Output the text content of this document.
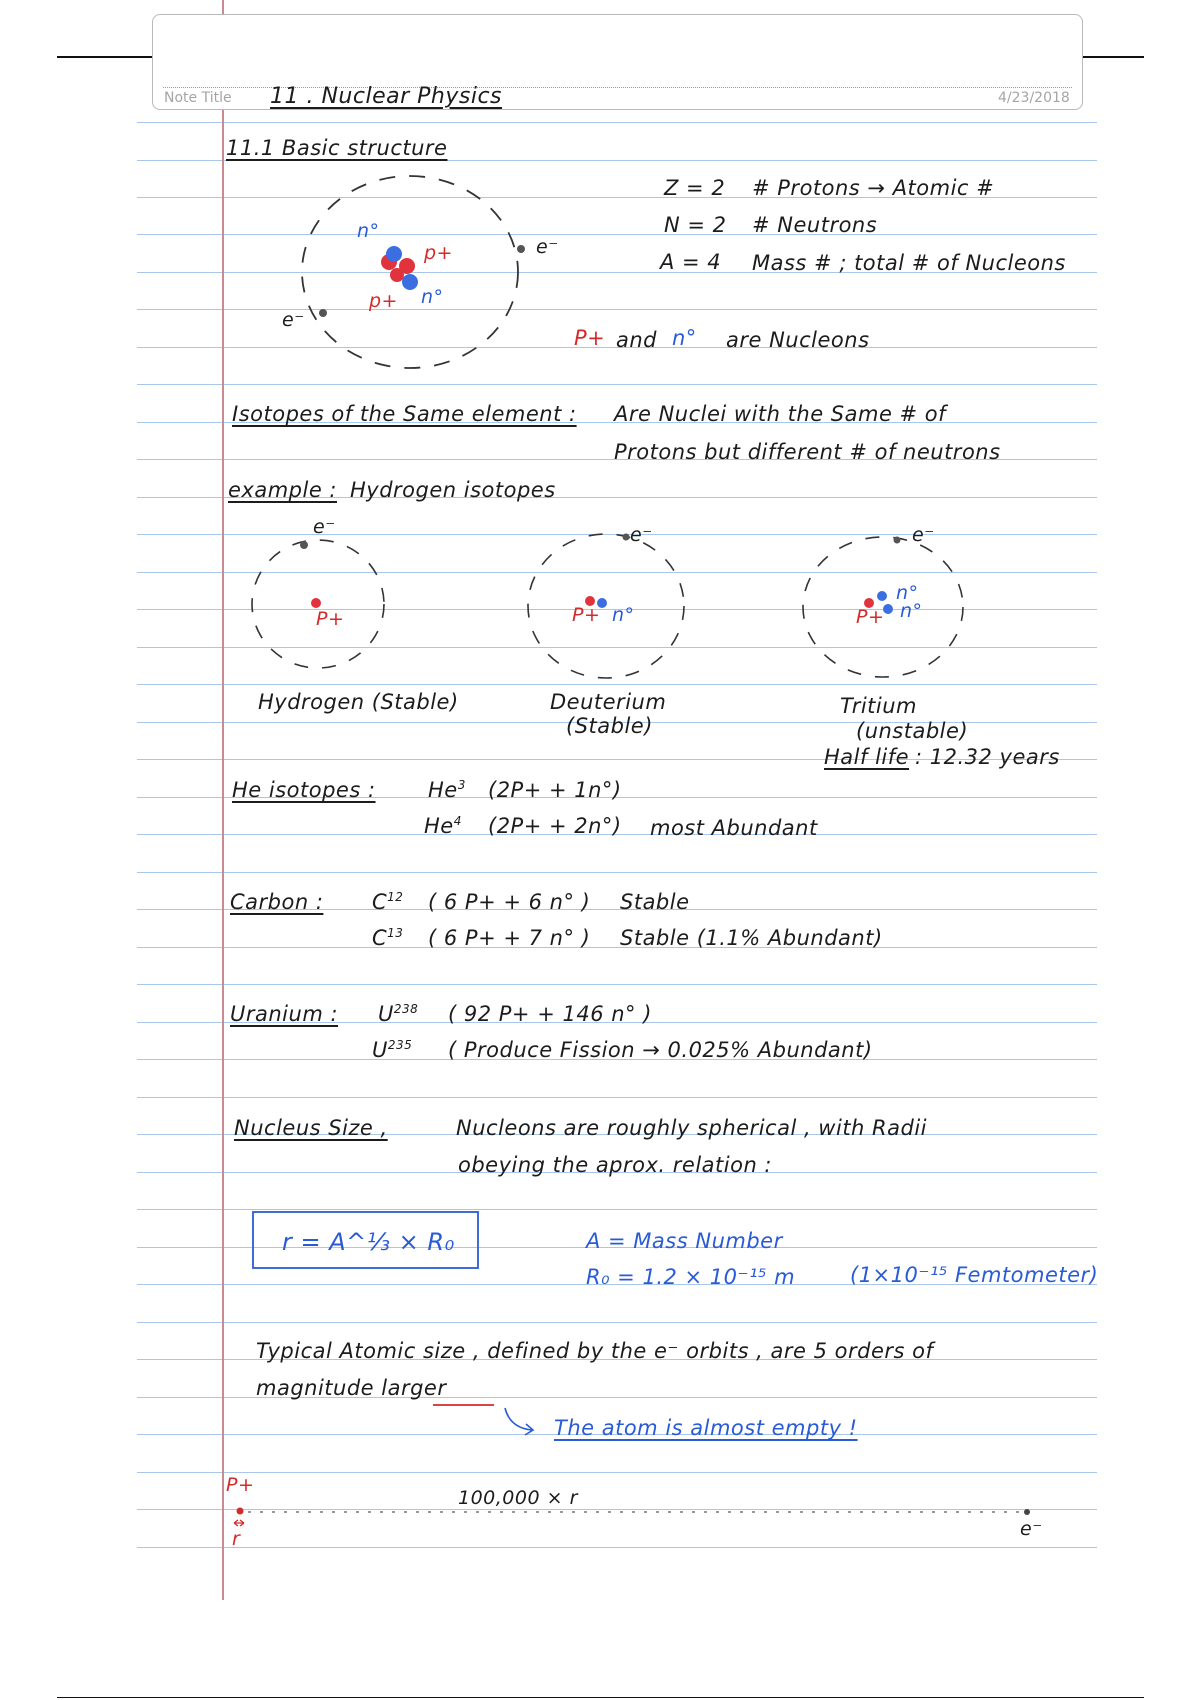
Note Title 11 . Nuclear Physics	4/23/2018
11.1 Basic structure
n°
p+
p+ n°
e⁻
e⁻
Z = 2 # Protons → Atomic #
N = 2 # Neutrons
A = 4 Mass # ; total # of Nucleons
P+ and n° are Nucleons
Isotopes of the Same element : Are Nuclei with the Same # of
Protons but different # of neutrons
example : Hydrogen isotopes
e⁻
P+
Hydrogen (Stable)
e⁻
P+ n°
Deuterium
(Stable)
e⁻
P+
n°
n°
Tritium
(unstable)
Half life : 12.32 years
He isotopes : He$^3$ (2P+ + 1n°)
He$^4$ (2P+ + 2n°) most Abundant
Carbon : $C^{12}$ ( 6 P+ + 6 n° ) Stable
$C^{13}$ ( 6 P+ + 7 n° ) Stable (1.1% Abundant)
Uranium : $U^{238}$ ( 92 P+ + 146 n° )
$U^{235}$ ( Produce Fission → 0.025% Abundant)
Nucleus Size ,	Nucleons are roughly spherical , with Radii
obeying the aprox. relation :
r = A^⅓ × R₀	A = Mass Number
R₀ = 1.2 × 10⁻¹⁵ m	(1×10⁻¹⁵ Femtometer)
Typical Atomic size , defined by the e⁻ orbits , are 5 orders of
magnitude larger
The atom is almost empty !
P+
r
100,000 × r
e⁻
